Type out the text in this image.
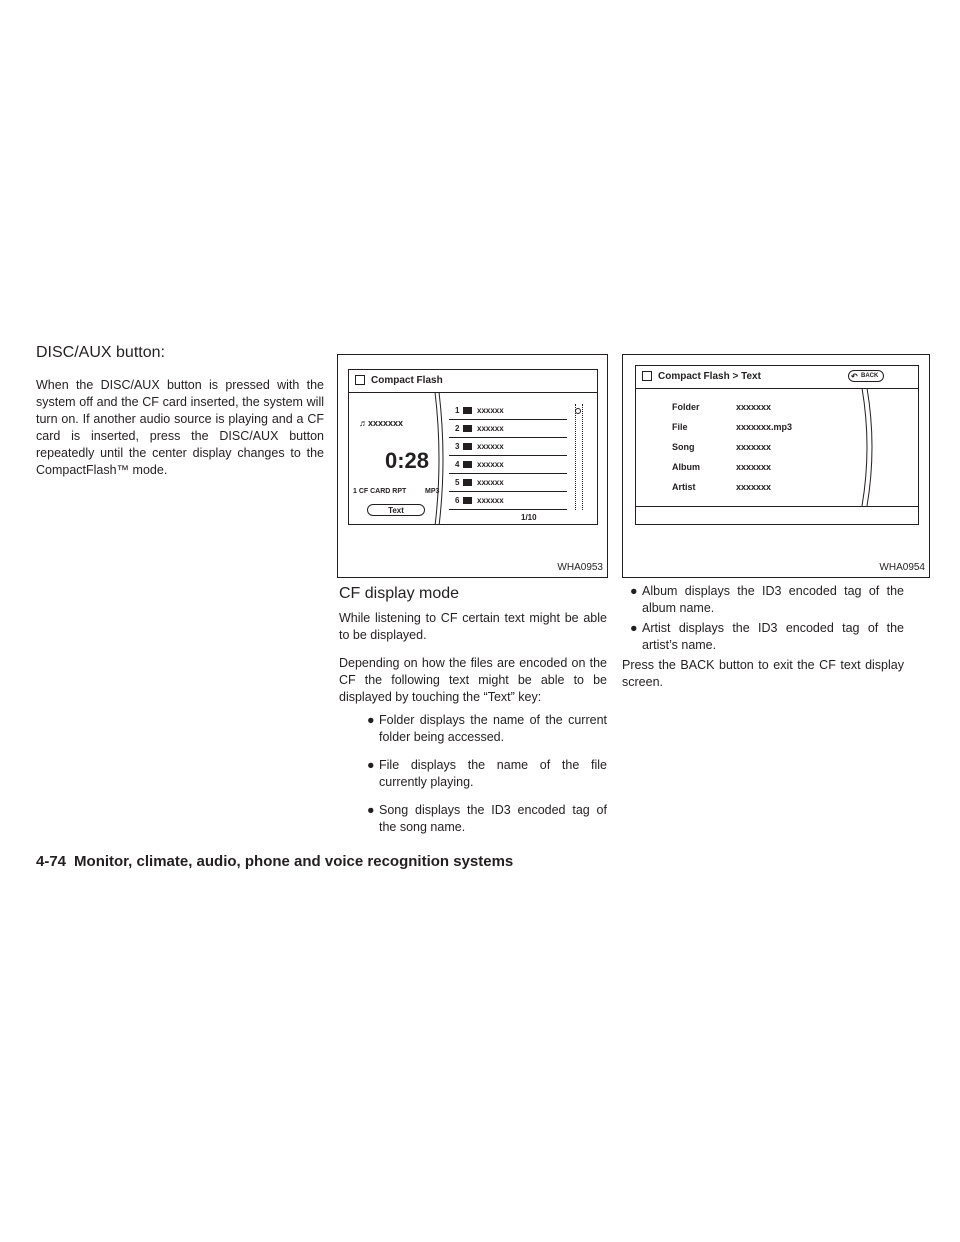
DISC/AUX button:

When the DISC/AUX button is pressed with the system off and the CF card inserted, the system will turn on. If another audio source is playing and a CF card is inserted, press the DISC/AUX button repeatedly until the center display changes to the CompactFlash™ mode.

Compact Flash
♬xxxxxxx
0:28
1 CF CARD RPT	MP3
Text
1 xxxxxx
2 xxxxxx
3 xxxxxx
4 xxxxxx
5 xxxxxx
6 xxxxxx
1/10
WHA0953
Compact Flash > Text	↶ BACK
Folder	xxxxxxx
File	xxxxxxx.mp3
Song	xxxxxxx
Album	xxxxxxx
Artist	xxxxxxx
WHA0954
CF display mode

While listening to CF certain text might be able to be displayed.

Depending on how the files are encoded on the CF the following text might be able to be displayed by touching the “Text” key:

● Folder displays the name of the current folder being accessed.

● File displays the name of the file currently playing.

● Song displays the ID3 encoded tag of the song name.

● Album displays the ID3 encoded tag of the album name.

● Artist displays the ID3 encoded tag of the artist’s name.

Press the BACK button to exit the CF text display screen.

4-74 Monitor, climate, audio, phone and voice recognition systems
